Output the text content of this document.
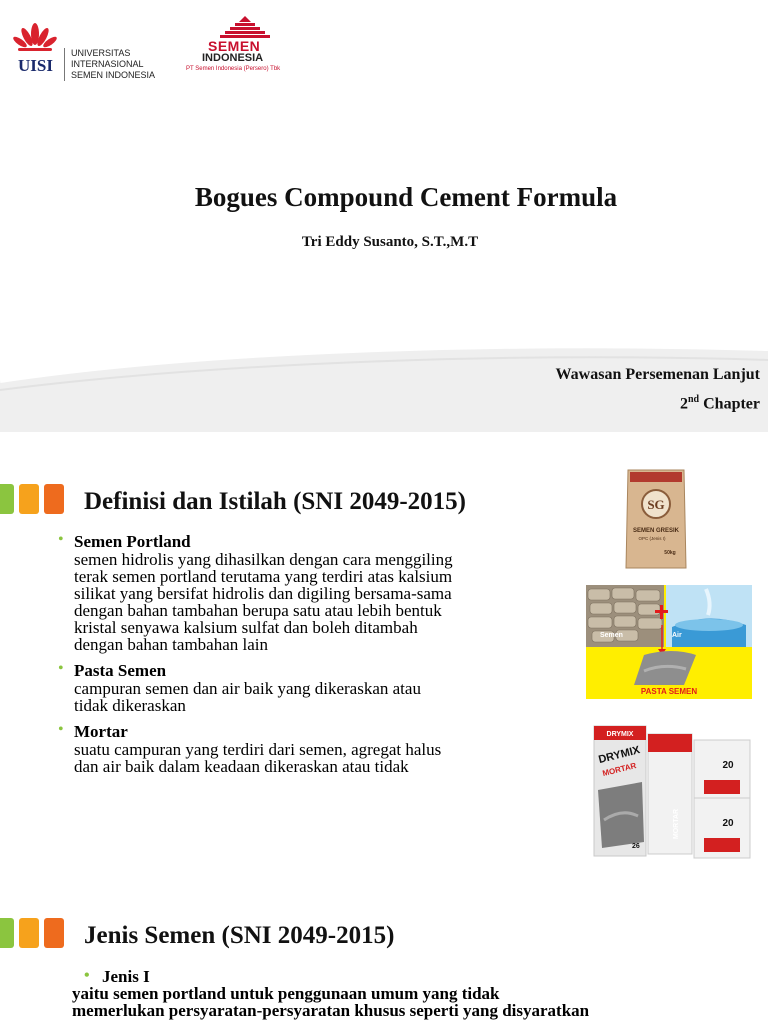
UISI
UNIVERSITAS INTERNASIONAL
SEMEN INDONESIA
SEMEN
INDONESIA
PT Semen Indonesia (Persero) Tbk
Bogues Compound Cement Formula
Tri Eddy Susanto, S.T.,M.T
Wawasan Persemenan Lanjut
2nd Chapter
Definisi dan Istilah (SNI 2049-2015)
• Semen Portland
semen hidrolis yang dihasilkan dengan cara menggiling
terak semen portland terutama yang terdiri atas kalsium
silikat yang bersifat hidrolis dan digiling bersama-sama
dengan bahan tambahan berupa satu atau lebih bentuk
kristal senyawa kalsium sulfat dan boleh ditambah
dengan bahan tambahan lain
• Pasta Semen
campuran semen dan air baik yang dikeraskan atau
tidak dikeraskan
• Mortar
suatu campuran yang terdiri dari semen, agregat halus
dan air baik dalam keadaan dikeraskan atau tidak
SG
SEMEN GRESIK
OPC (Jenis I)
50kg
Semen	Air
PASTA SEMEN
DRYMIX
DRYMIX
MORTAR
26
MORTAR
20
20
Jenis Semen (SNI 2049-2015)
• Jenis I
yaitu semen portland untuk penggunaan umum yang tidak
memerlukan persyaratan-persyaratan khusus seperti yang disyaratkan
